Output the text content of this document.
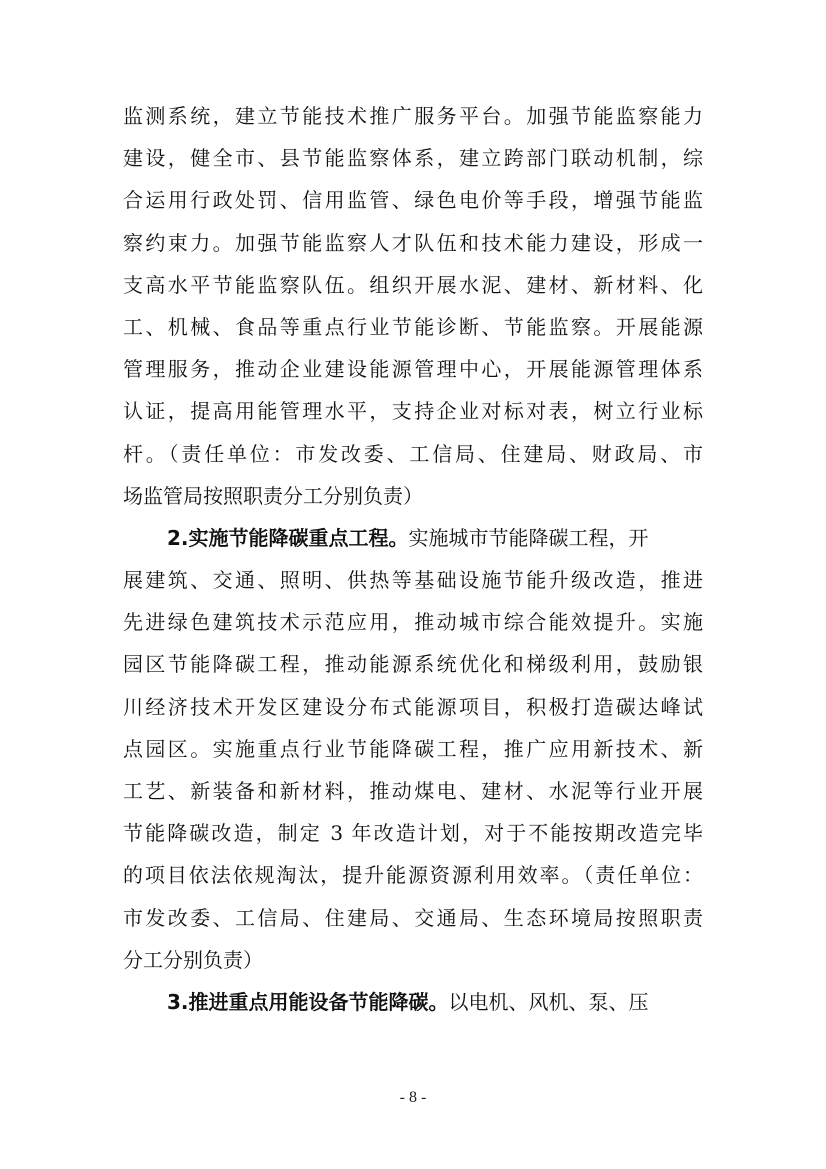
监测系统，建立节能技术推广服务平台。加强节能监察能力
建设，健全市、县节能监察体系，建立跨部门联动机制，综
合运用行政处罚、信用监管、绿色电价等手段，增强节能监
察约束力。加强节能监察人才队伍和技术能力建设，形成一
支高水平节能监察队伍。组织开展水泥、建材、新材料、化
工、机械、食品等重点行业节能诊断、节能监察。开展能源
管理服务，推动企业建设能源管理中心，开展能源管理体系
认证，提高用能管理水平，支持企业对标对表，树立行业标
杆。（责任单位：市发改委、工信局、住建局、财政局、市
场监管局按照职责分工分别负责）
2.实施节能降碳重点工程。实施城市节能降碳工程，开
展建筑、交通、照明、供热等基础设施节能升级改造，推进
先进绿色建筑技术示范应用，推动城市综合能效提升。实施
园区节能降碳工程，推动能源系统优化和梯级利用，鼓励银
川经济技术开发区建设分布式能源项目，积极打造碳达峰试
点园区。实施重点行业节能降碳工程，推广应用新技术、新
工艺、新装备和新材料，推动煤电、建材、水泥等行业开展
节能降碳改造，制定 3 年改造计划，对于不能按期改造完毕
的项目依法依规淘汰，提升能源资源利用效率。（责任单位：
市发改委、工信局、住建局、交通局、生态环境局按照职责
分工分别负责）
3.推进重点用能设备节能降碳。以电机、风机、泵、压
- 8 -
